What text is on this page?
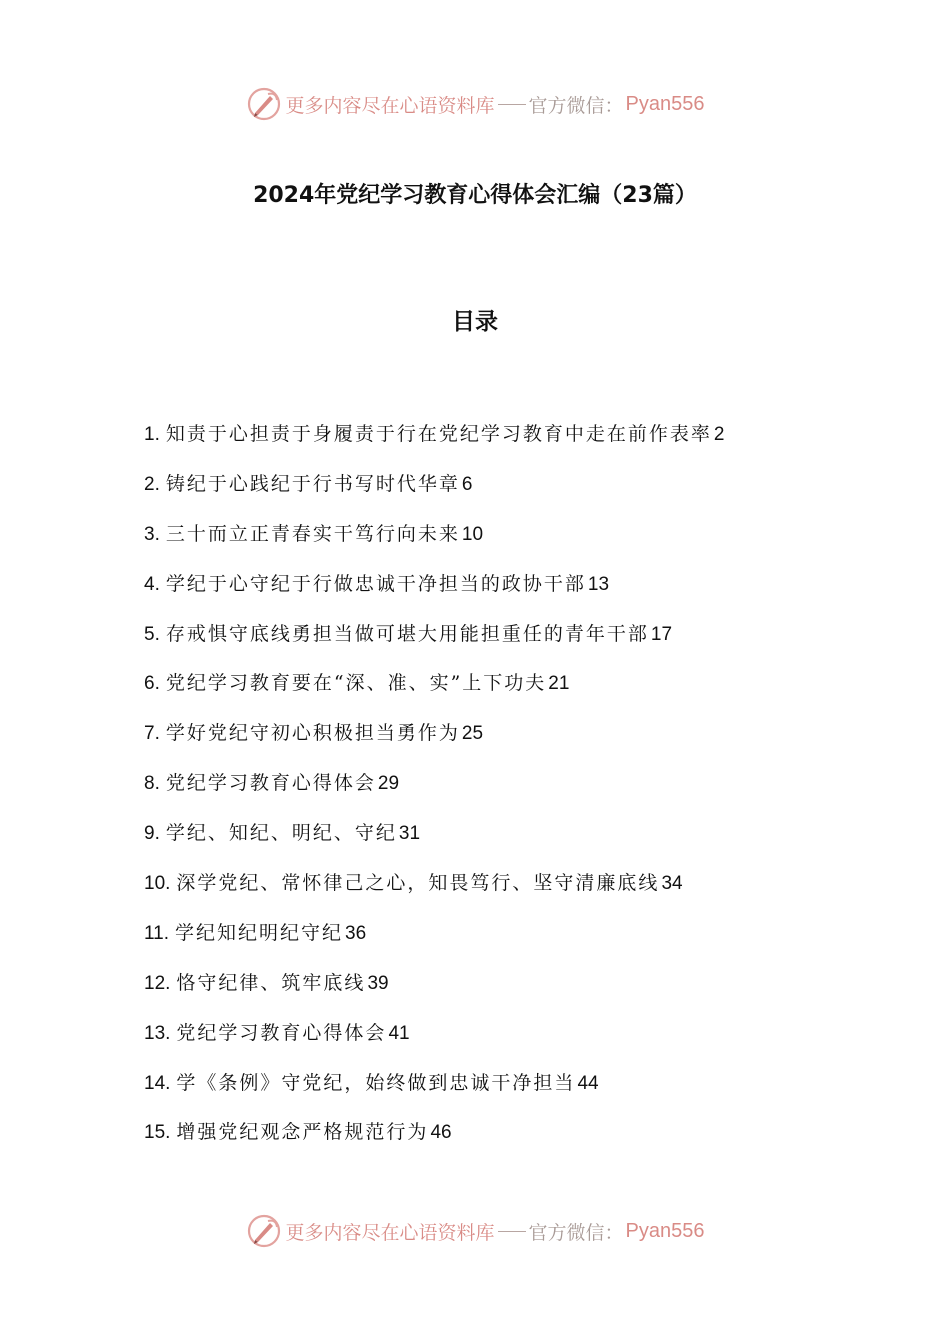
更多内容尽在心语资料库 官方微信： Pyan556
2024年党纪学习教育心得体会汇编（23篇）
目录
1. 知责于心担责于身履责于行在党纪学习教育中走在前作表率 2
2. 铸纪于心践纪于行书写时代华章 6
3. 三十而立正青春实干笃行向未来 10
4. 学纪于心守纪于行做忠诚干净担当的政协干部 13
5. 存戒惧守底线勇担当做可堪大用能担重任的青年干部 17
6. 党纪学习教育要在“深、准、实”上下功夫 21
7. 学好党纪守初心积极担当勇作为 25
8. 党纪学习教育心得体会 29
9. 学纪、知纪、明纪、守纪 31
10. 深学党纪、常怀律己之心，知畏笃行、坚守清廉底线 34
11. 学纪知纪明纪守纪 36
12. 恪守纪律、筑牢底线 39
13. 党纪学习教育心得体会 41
14. 学《条例》守党纪，始终做到忠诚干净担当 44
15. 增强党纪观念严格规范行为 46
更多内容尽在心语资料库 官方微信： Pyan556
